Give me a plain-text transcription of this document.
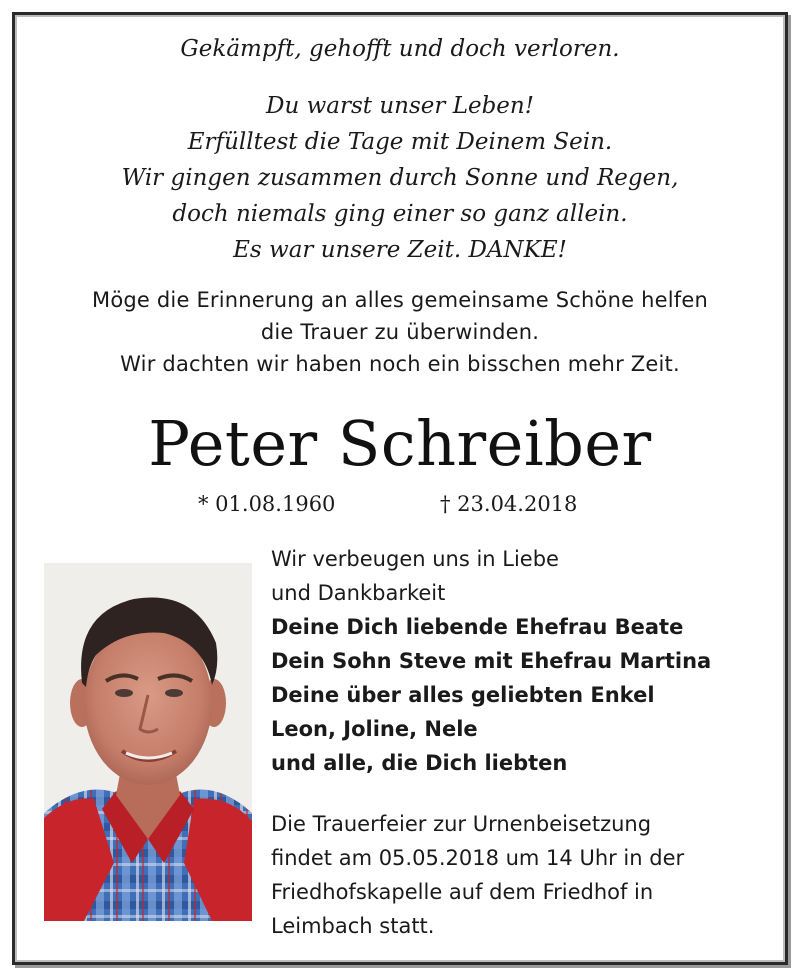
Gekämpft, gehofft und doch verloren.
Du warst unser Leben!
Erfülltest die Tage mit Deinem Sein.
Wir gingen zusammen durch Sonne und Regen,
doch niemals ging einer so ganz allein.
Es war unsere Zeit. DANKE!
Möge die Erinnerung an alles gemeinsame Schöne helfen
die Trauer zu überwinden.
Wir dachten wir haben noch ein bisschen mehr Zeit.
Peter Schreiber
* 01.08.1960	† 23.04.2018
Wir verbeugen uns in Liebe
und Dankbarkeit
Deine Dich liebende Ehefrau Beate
Dein Sohn Steve mit Ehefrau Martina
Deine über alles geliebten Enkel
Leon, Joline, Nele
und alle, die Dich liebten
Die Trauerfeier zur Urnenbeisetzung
findet am 05.05.2018 um 14 Uhr in der
Friedhofskapelle auf dem Friedhof in
Leimbach statt.
